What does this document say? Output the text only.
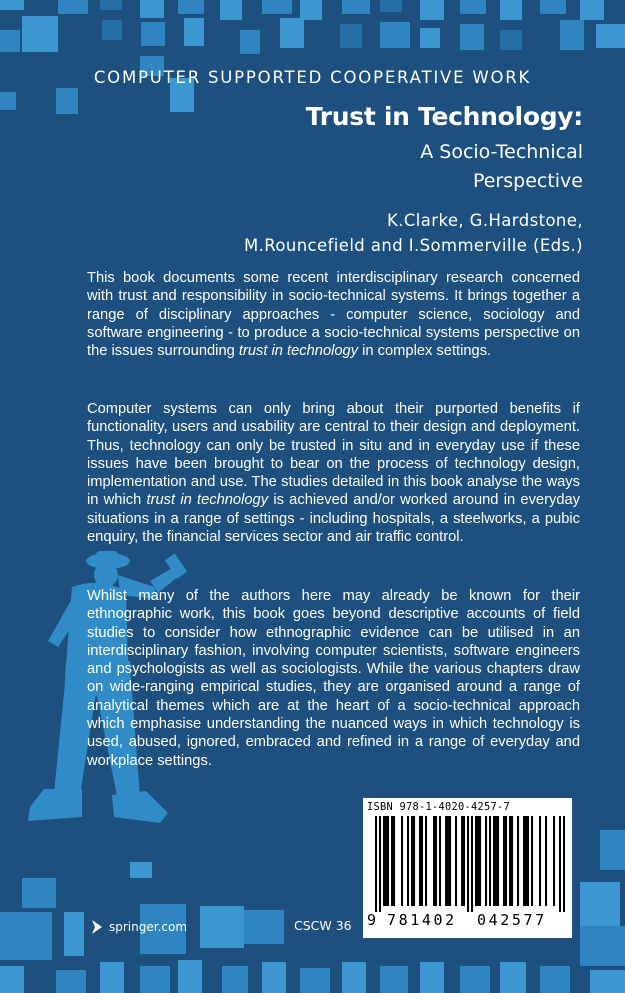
COMPUTER SUPPORTED COOPERATIVE WORK
Trust in Technology:
A Socio-Technical
Perspective
K.Clarke, G.Hardstone,
M.Rouncefield and I.Sommerville (Eds.)
This book documents some recent interdisciplinary research concerned with trust and responsibility in socio-technical systems. It brings together a range of disciplinary approaches - computer science, sociology and software engineering - to produce a socio-technical systems perspective on the issues surrounding trust in technology in complex settings.
Computer systems can only bring about their purported benefits if functionality, users and usability are central to their design and deployment. Thus, technology can only be trusted in situ and in everyday use if these issues have been brought to bear on the process of technology design, implementation and use. The studies detailed in this book analyse the ways in which trust in technology is achieved and/or worked around in everyday situations in a range of settings - including hospitals, a steelworks, a pubic enquiry, the financial services sector and air traffic control.
Whilst many of the authors here may already be known for their ethnographic work, this book goes beyond descriptive accounts of field studies to consider how ethnographic evidence can be utilised in an interdisciplinary fashion, involving computer scientists, software engineers and psychologists as well as sociologists. While the various chapters draw on wide-ranging empirical studies, they are organised around a range of analytical themes which are at the heart of a socio-technical approach which emphasise understanding the nuanced ways in which technology is used, abused, ignored, embraced and refined in a range of everyday and workplace settings.
ISBN 978-1-4020-4257-7
9 781402 042577
springer.com	CSCW 36
